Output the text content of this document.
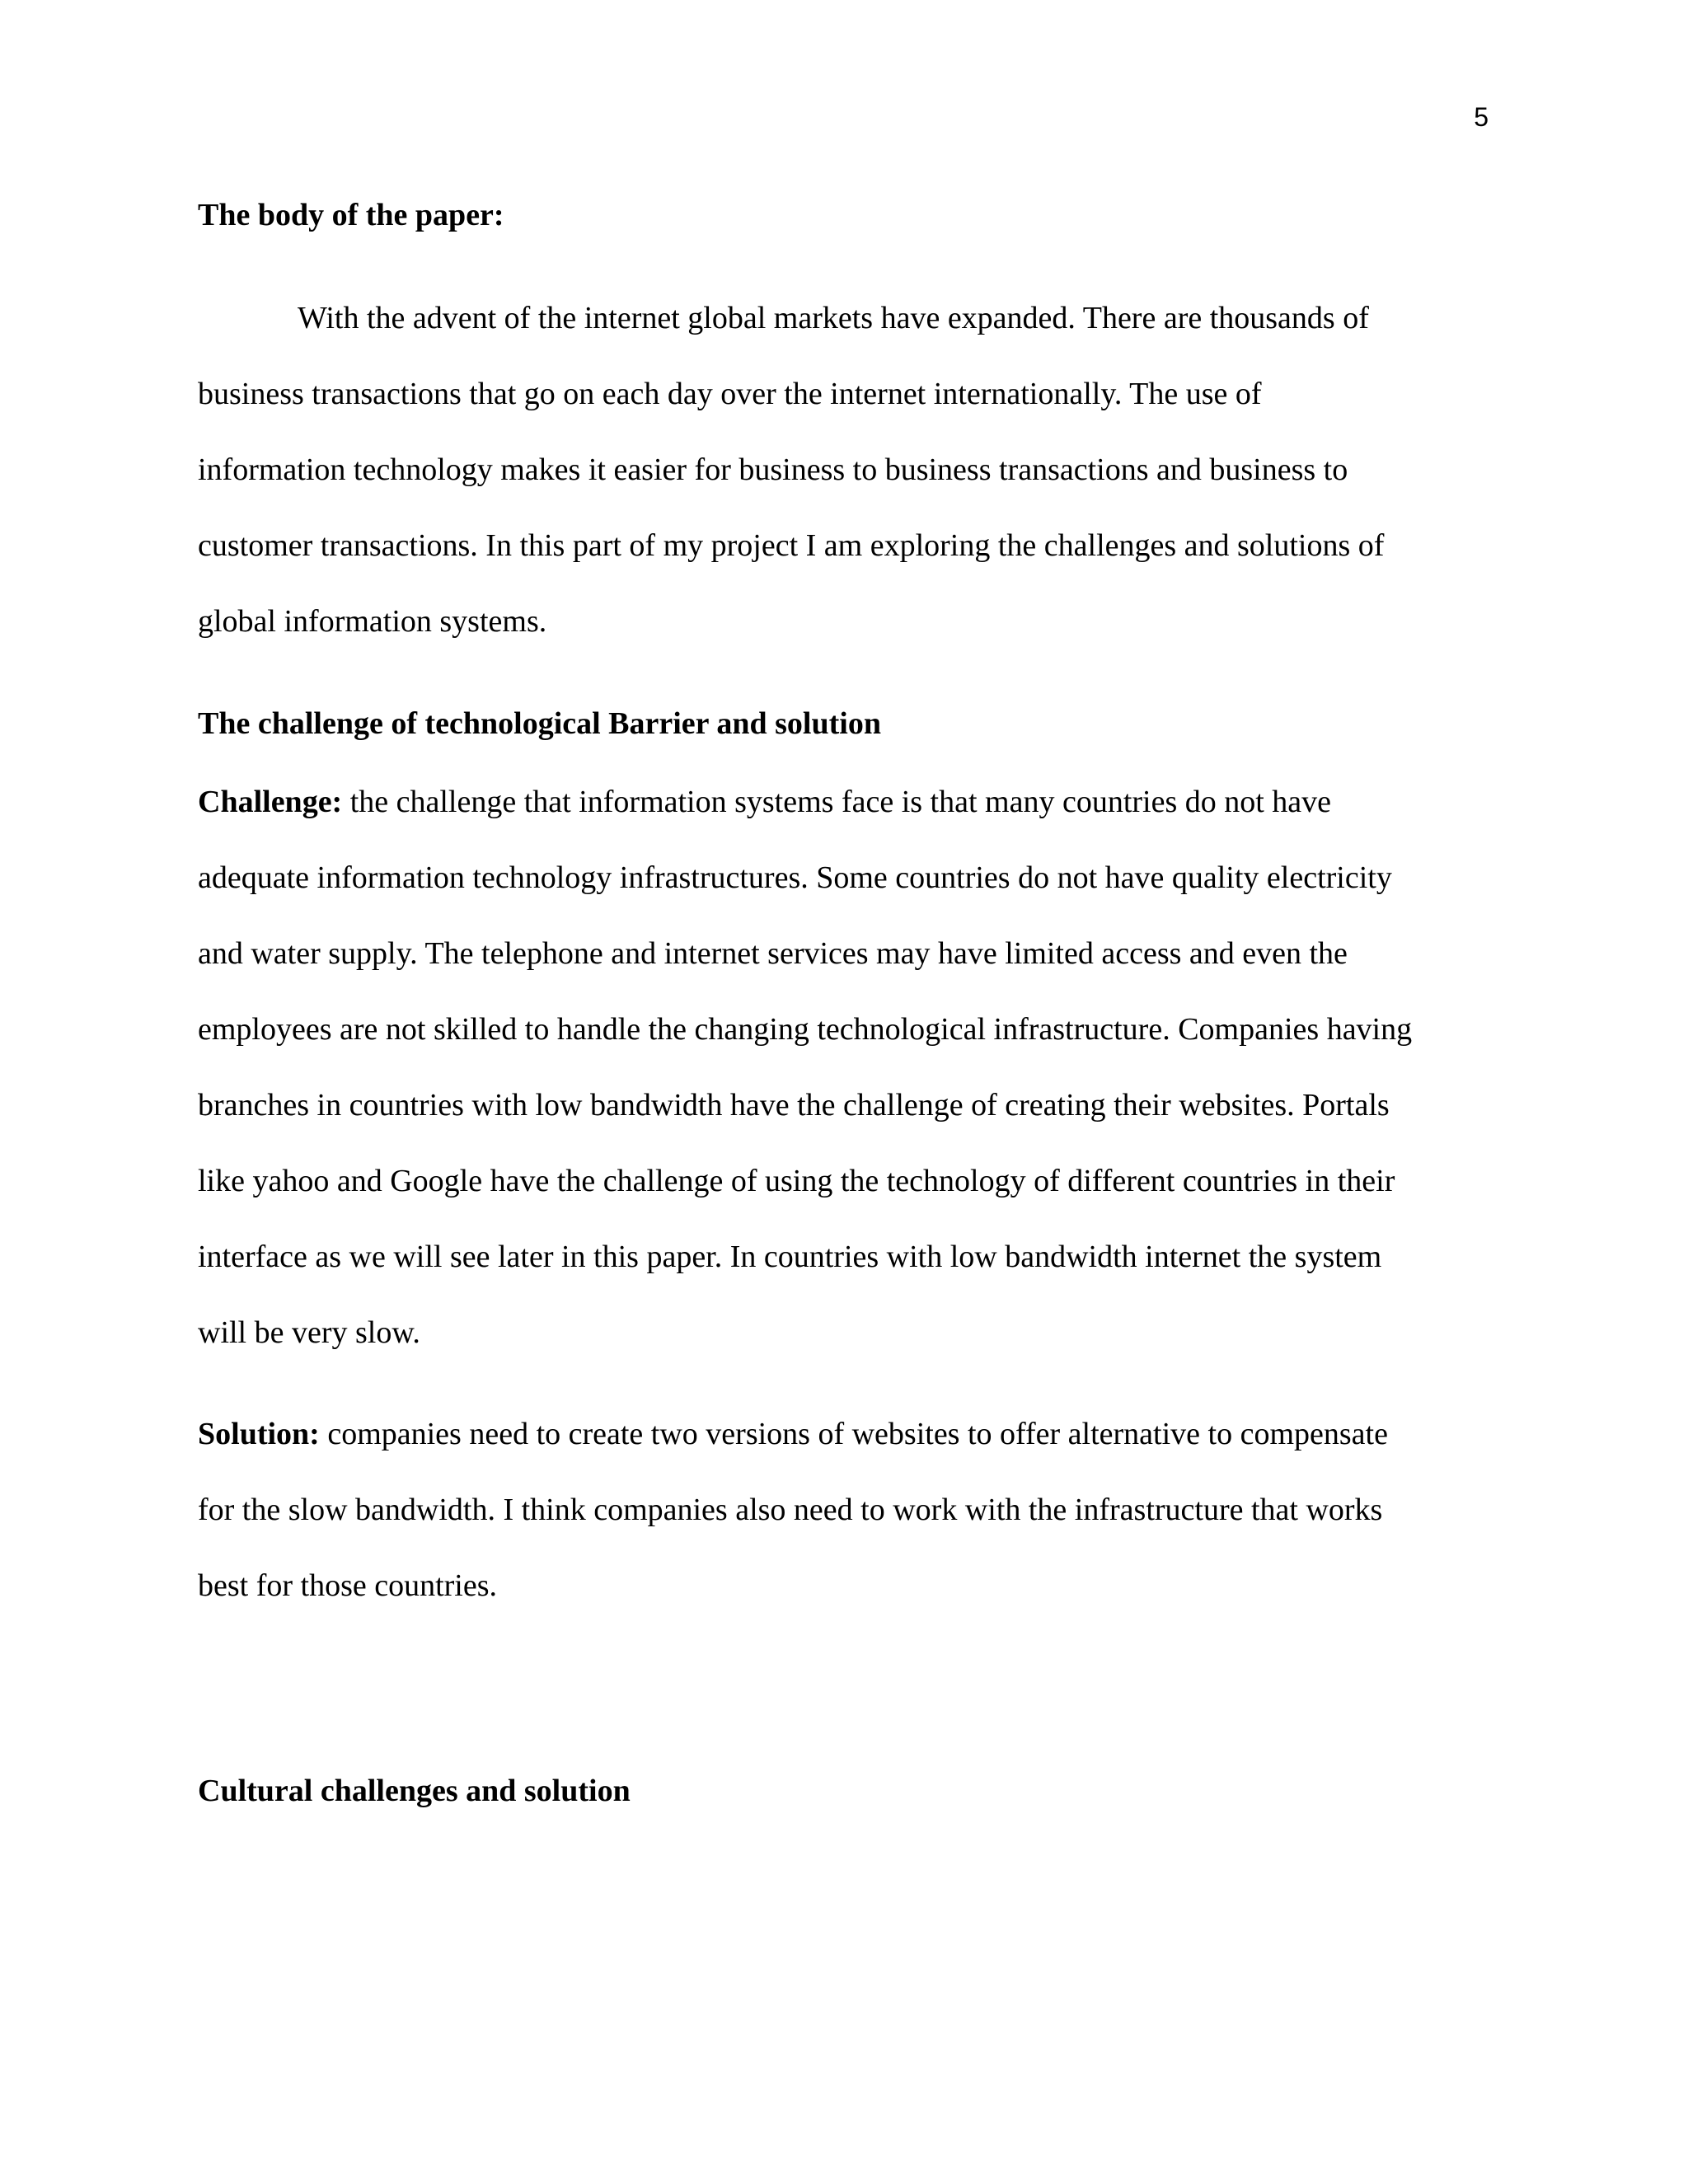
5
The body of the paper:
With the advent of the internet global markets have expanded. There are thousands of
business transactions that go on each day over the internet internationally. The use of
information technology makes it easier for business to business transactions and business to
customer transactions. In this part of my project I am exploring the challenges and solutions of
global information systems.
The challenge of technological Barrier and solution
Challenge: the challenge that information systems face is that many countries do not have
adequate information technology infrastructures. Some countries do not have quality electricity
and water supply. The telephone and internet services may have limited access and even the
employees are not skilled to handle the changing technological infrastructure. Companies having
branches in countries with low bandwidth have the challenge of creating their websites. Portals
like yahoo and Google have the challenge of using the technology of different countries in their
interface as we will see later in this paper. In countries with low bandwidth internet the system
will be very slow.
Solution: companies need to create two versions of websites to offer alternative to compensate
for the slow bandwidth. I think companies also need to work with the infrastructure that works
best for those countries.
Cultural challenges and solution
